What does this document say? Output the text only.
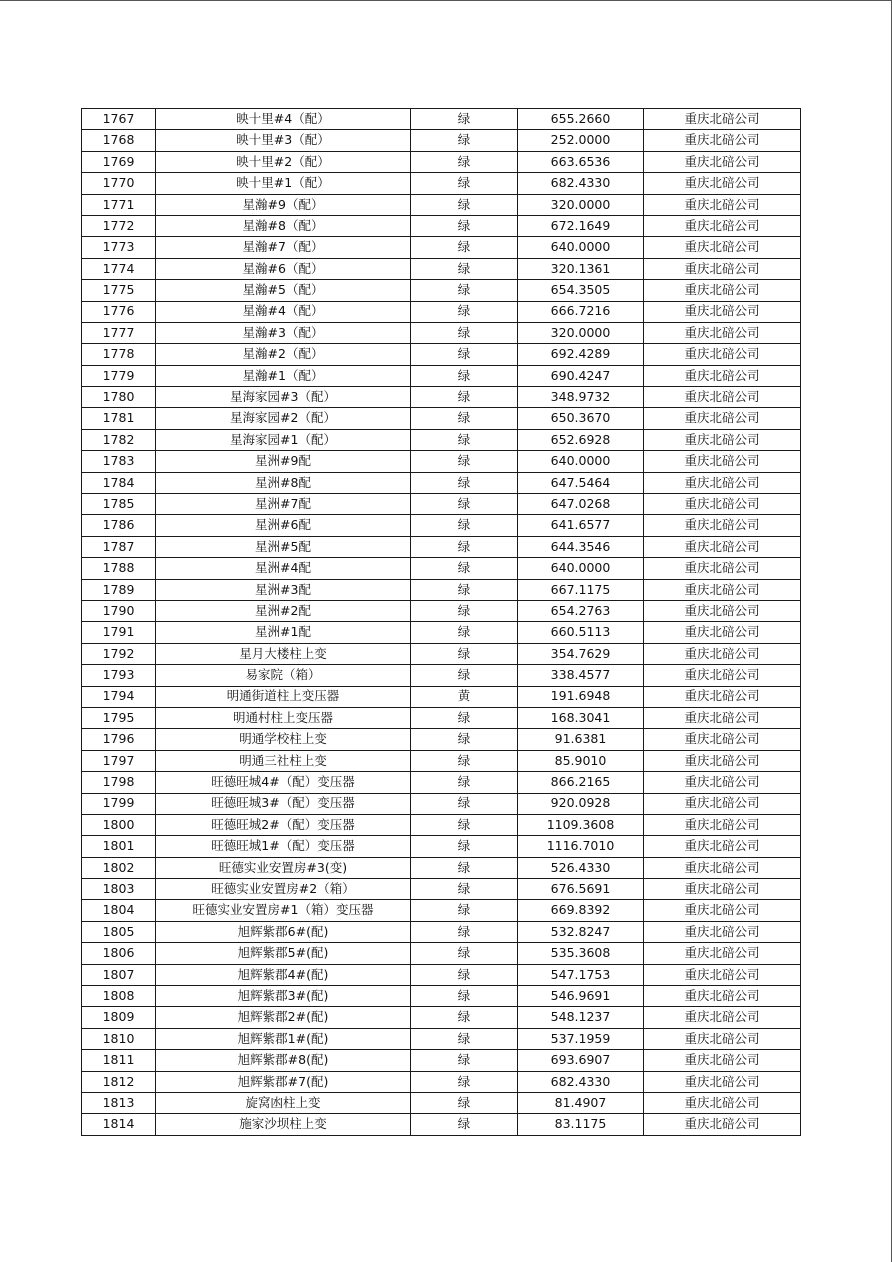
1767	映十里#4（配）	绿	655.2660	重庆北碚公司
1768	映十里#3（配）	绿	252.0000	重庆北碚公司
1769	映十里#2（配）	绿	663.6536	重庆北碚公司
1770	映十里#1（配）	绿	682.4330	重庆北碚公司
1771	星瀚#9（配）	绿	320.0000	重庆北碚公司
1772	星瀚#8（配）	绿	672.1649	重庆北碚公司
1773	星瀚#7（配）	绿	640.0000	重庆北碚公司
1774	星瀚#6（配）	绿	320.1361	重庆北碚公司
1775	星瀚#5（配）	绿	654.3505	重庆北碚公司
1776	星瀚#4（配）	绿	666.7216	重庆北碚公司
1777	星瀚#3（配）	绿	320.0000	重庆北碚公司
1778	星瀚#2（配）	绿	692.4289	重庆北碚公司
1779	星瀚#1（配）	绿	690.4247	重庆北碚公司
1780	星海家园#3（配）	绿	348.9732	重庆北碚公司
1781	星海家园#2（配）	绿	650.3670	重庆北碚公司
1782	星海家园#1（配）	绿	652.6928	重庆北碚公司
1783	星洲#9配	绿	640.0000	重庆北碚公司
1784	星洲#8配	绿	647.5464	重庆北碚公司
1785	星洲#7配	绿	647.0268	重庆北碚公司
1786	星洲#6配	绿	641.6577	重庆北碚公司
1787	星洲#5配	绿	644.3546	重庆北碚公司
1788	星洲#4配	绿	640.0000	重庆北碚公司
1789	星洲#3配	绿	667.1175	重庆北碚公司
1790	星洲#2配	绿	654.2763	重庆北碚公司
1791	星洲#1配	绿	660.5113	重庆北碚公司
1792	星月大楼柱上变	绿	354.7629	重庆北碚公司
1793	易家院（箱）	绿	338.4577	重庆北碚公司
1794	明通街道柱上变压器	黄	191.6948	重庆北碚公司
1795	明通村柱上变压器	绿	168.3041	重庆北碚公司
1796	明通学校柱上变	绿	91.6381	重庆北碚公司
1797	明通三社柱上变	绿	85.9010	重庆北碚公司
1798	旺德旺城4#（配）变压器	绿	866.2165	重庆北碚公司
1799	旺德旺城3#（配）变压器	绿	920.0928	重庆北碚公司
1800	旺德旺城2#（配）变压器	绿	1109.3608	重庆北碚公司
1801	旺德旺城1#（配）变压器	绿	1116.7010	重庆北碚公司
1802	旺德实业安置房#3(变)	绿	526.4330	重庆北碚公司
1803	旺德实业安置房#2（箱）	绿	676.5691	重庆北碚公司
1804	旺德实业安置房#1（箱）变压器	绿	669.8392	重庆北碚公司
1805	旭辉紫郡6#(配)	绿	532.8247	重庆北碚公司
1806	旭辉紫郡5#(配)	绿	535.3608	重庆北碚公司
1807	旭辉紫郡4#(配)	绿	547.1753	重庆北碚公司
1808	旭辉紫郡3#(配)	绿	546.9691	重庆北碚公司
1809	旭辉紫郡2#(配)	绿	548.1237	重庆北碚公司
1810	旭辉紫郡1#(配)	绿	537.1959	重庆北碚公司
1811	旭辉紫郡#8(配)	绿	693.6907	重庆北碚公司
1812	旭辉紫郡#7(配)	绿	682.4330	重庆北碚公司
1813	旋窝凼柱上变	绿	81.4907	重庆北碚公司
1814	施家沙坝柱上变	绿	83.1175	重庆北碚公司
